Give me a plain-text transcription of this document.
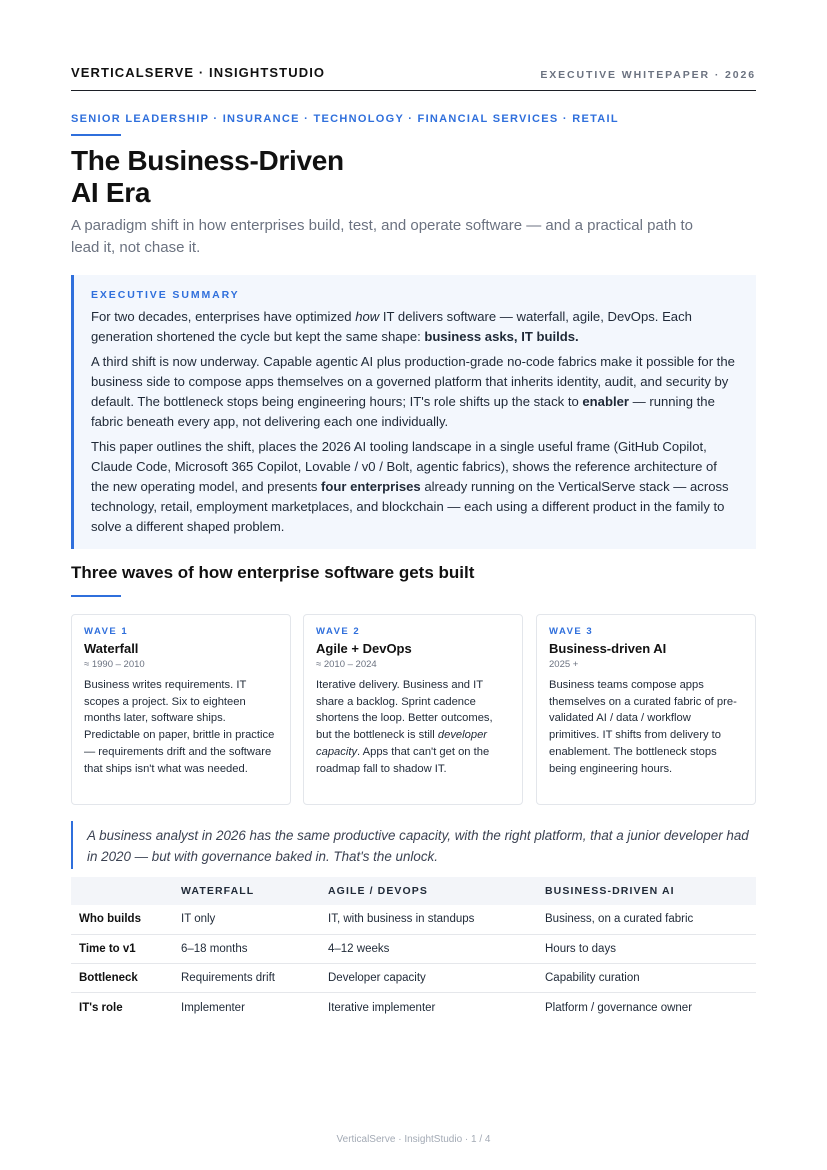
VERTICALSERVE · INSIGHTSTUDIO	EXECUTIVE WHITEPAPER · 2026
SENIOR LEADERSHIP · INSURANCE · TECHNOLOGY · FINANCIAL SERVICES · RETAIL
The Business-Driven
AI Era
A paradigm shift in how enterprises build, test, and operate software — and a practical path to lead it, not chase it.
EXECUTIVE SUMMARY

For two decades, enterprises have optimized how IT delivers software — waterfall, agile, DevOps. Each generation shortened the cycle but kept the same shape: business asks, IT builds.

A third shift is now underway. Capable agentic AI plus production-grade no-code fabrics make it possible for the business side to compose apps themselves on a governed platform that inherits identity, audit, and security by default. The bottleneck stops being engineering hours; IT's role shifts up the stack to enabler — running the fabric beneath every app, not delivering each one individually.

This paper outlines the shift, places the 2026 AI tooling landscape in a single useful frame (GitHub Copilot, Claude Code, Microsoft 365 Copilot, Lovable / v0 / Bolt, agentic fabrics), shows the reference architecture of the new operating model, and presents four enterprises already running on the VerticalServe stack — across technology, retail, employment marketplaces, and blockchain — each using a different product in the family to solve a different shaped problem.

Three waves of how enterprise software gets built
WAVE 1
Waterfall
≈ 1990 – 2010
Business writes requirements. IT scopes a project. Six to eighteen months later, software ships. Predictable on paper, brittle in practice — requirements drift and the software that ships isn't what was needed.
WAVE 2
Agile + DevOps
≈ 2010 – 2024
Iterative delivery. Business and IT share a backlog. Sprint cadence shortens the loop. Better outcomes, but the bottleneck is still developer capacity. Apps that can't get on the roadmap fall to shadow IT.
WAVE 3
Business-driven AI
2025 +
Business teams compose apps themselves on a curated fabric of pre-validated AI / data / workflow primitives. IT shifts from delivery to enablement. The bottleneck stops being engineering hours.
A business analyst in 2026 has the same productive capacity, with the right platform, that a junior developer had in 2020 — but with governance baked in. That's the unlock.
	WATERFALL	AGILE / DEVOPS	BUSINESS-DRIVEN AI
Who builds	IT only	IT, with business in standups	Business, on a curated fabric
Time to v1	6–18 months	4–12 weeks	Hours to days
Bottleneck	Requirements drift	Developer capacity	Capability curation
IT's role	Implementer	Iterative implementer	Platform / governance owner
VerticalServe · InsightStudio · 1 / 4
